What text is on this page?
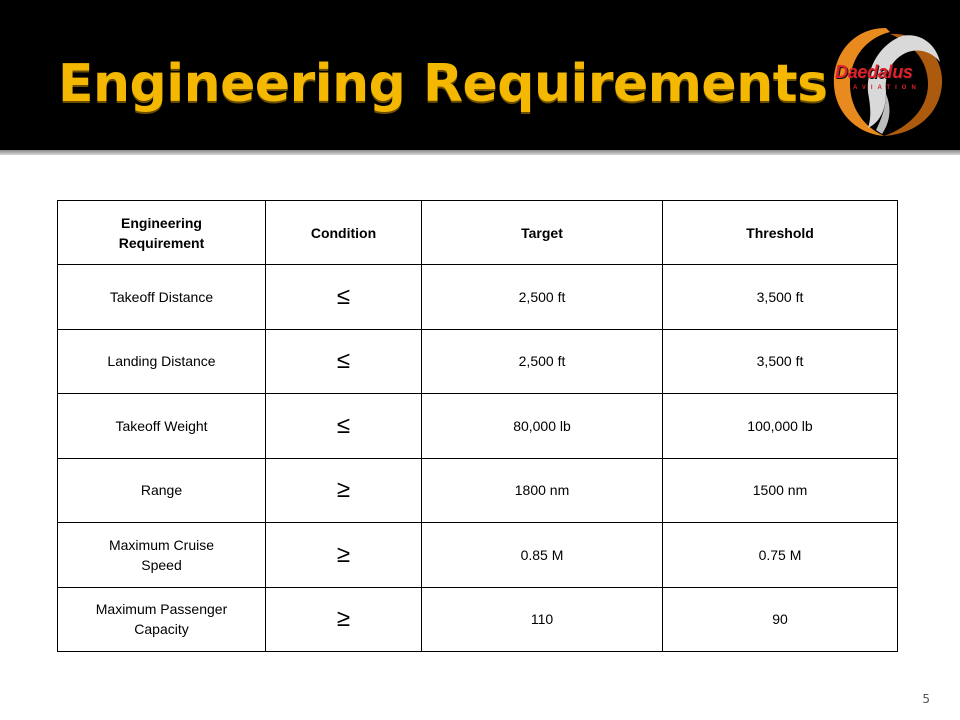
Engineering Requirements Daedalus
AVIATION
Engineering Requirement	Condition	Target	Threshold
Takeoff Distance	≤	2,500 ft	3,500 ft
Landing Distance	≤	2,500 ft	3,500 ft
Takeoff Weight	≤	80,000 lb	100,000 lb
Range	≥	1800 nm	1500 nm
Maximum Cruise Speed	≥	0.85 M	0.75 M
Maximum Passenger Capacity	≥	110	90
5
